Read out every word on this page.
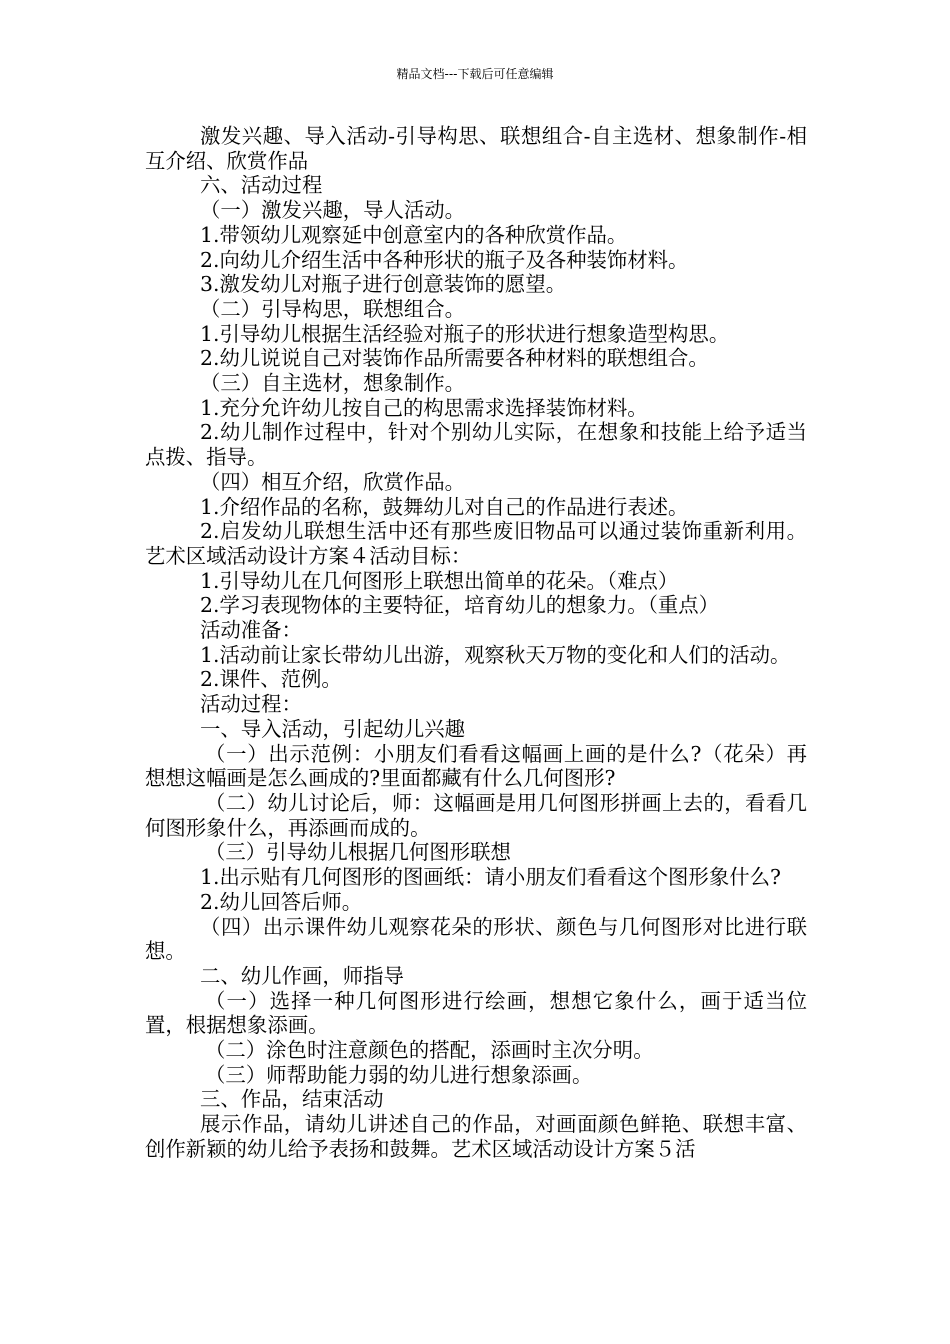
精品文档---下载后可任意编辑

激发兴趣、导入活动-引导构思、联想组合-自主选材、想象制作-相互介绍、欣赏作品

六、活动过程

（一）激发兴趣，导人活动。

1.带领幼儿观察延中创意室内的各种欣赏作品。

2.向幼儿介绍生活中各种形状的瓶子及各种装饰材料。

3.激发幼儿对瓶子进行创意装饰的愿望。

（二）引导构思，联想组合。

1.引导幼儿根据生活经验对瓶子的形状进行想象造型构思。

2.幼儿说说自己对装饰作品所需要各种材料的联想组合。

（三）自主选材，想象制作。

1.充分允许幼儿按自己的构思需求选择装饰材料。

2.幼儿制作过程中，针对个别幼儿实际，在想象和技能上给予适当点拨、指导。

（四）相互介绍，欣赏作品。

1.介绍作品的名称，鼓舞幼儿对自己的作品进行表述。

2.启发幼儿联想生活中还有那些废旧物品可以通过装饰重新利用。艺术区域活动设计方案４活动目标：

1.引导幼儿在几何图形上联想出简单的花朵。（难点）

2.学习表现物体的主要特征，培育幼儿的想象力。（重点）

活动准备：

1.活动前让家长带幼儿出游，观察秋天万物的变化和人们的活动。

2.课件、范例。

活动过程：

一、导入活动，引起幼儿兴趣

（一）出示范例：小朋友们看看这幅画上画的是什么?（花朵）再想想这幅画是怎么画成的?里面都藏有什么几何图形?

（二）幼儿讨论后，师：这幅画是用几何图形拼画上去的，看看几何图形象什么，再添画而成的。

（三）引导幼儿根据几何图形联想

1.出示贴有几何图形的图画纸：请小朋友们看看这个图形象什么?

2.幼儿回答后师。

（四）出示课件幼儿观察花朵的形状、颜色与几何图形对比进行联想。

二、幼儿作画，师指导

（一）选择一种几何图形进行绘画，想想它象什么，画于适当位置，根据想象添画。

（二）涂色时注意颜色的搭配，添画时主次分明。

（三）师帮助能力弱的幼儿进行想象添画。

三、作品，结束活动

展示作品，请幼儿讲述自己的作品，对画面颜色鲜艳、联想丰富、创作新颖的幼儿给予表扬和鼓舞。艺术区域活动设计方案５活
